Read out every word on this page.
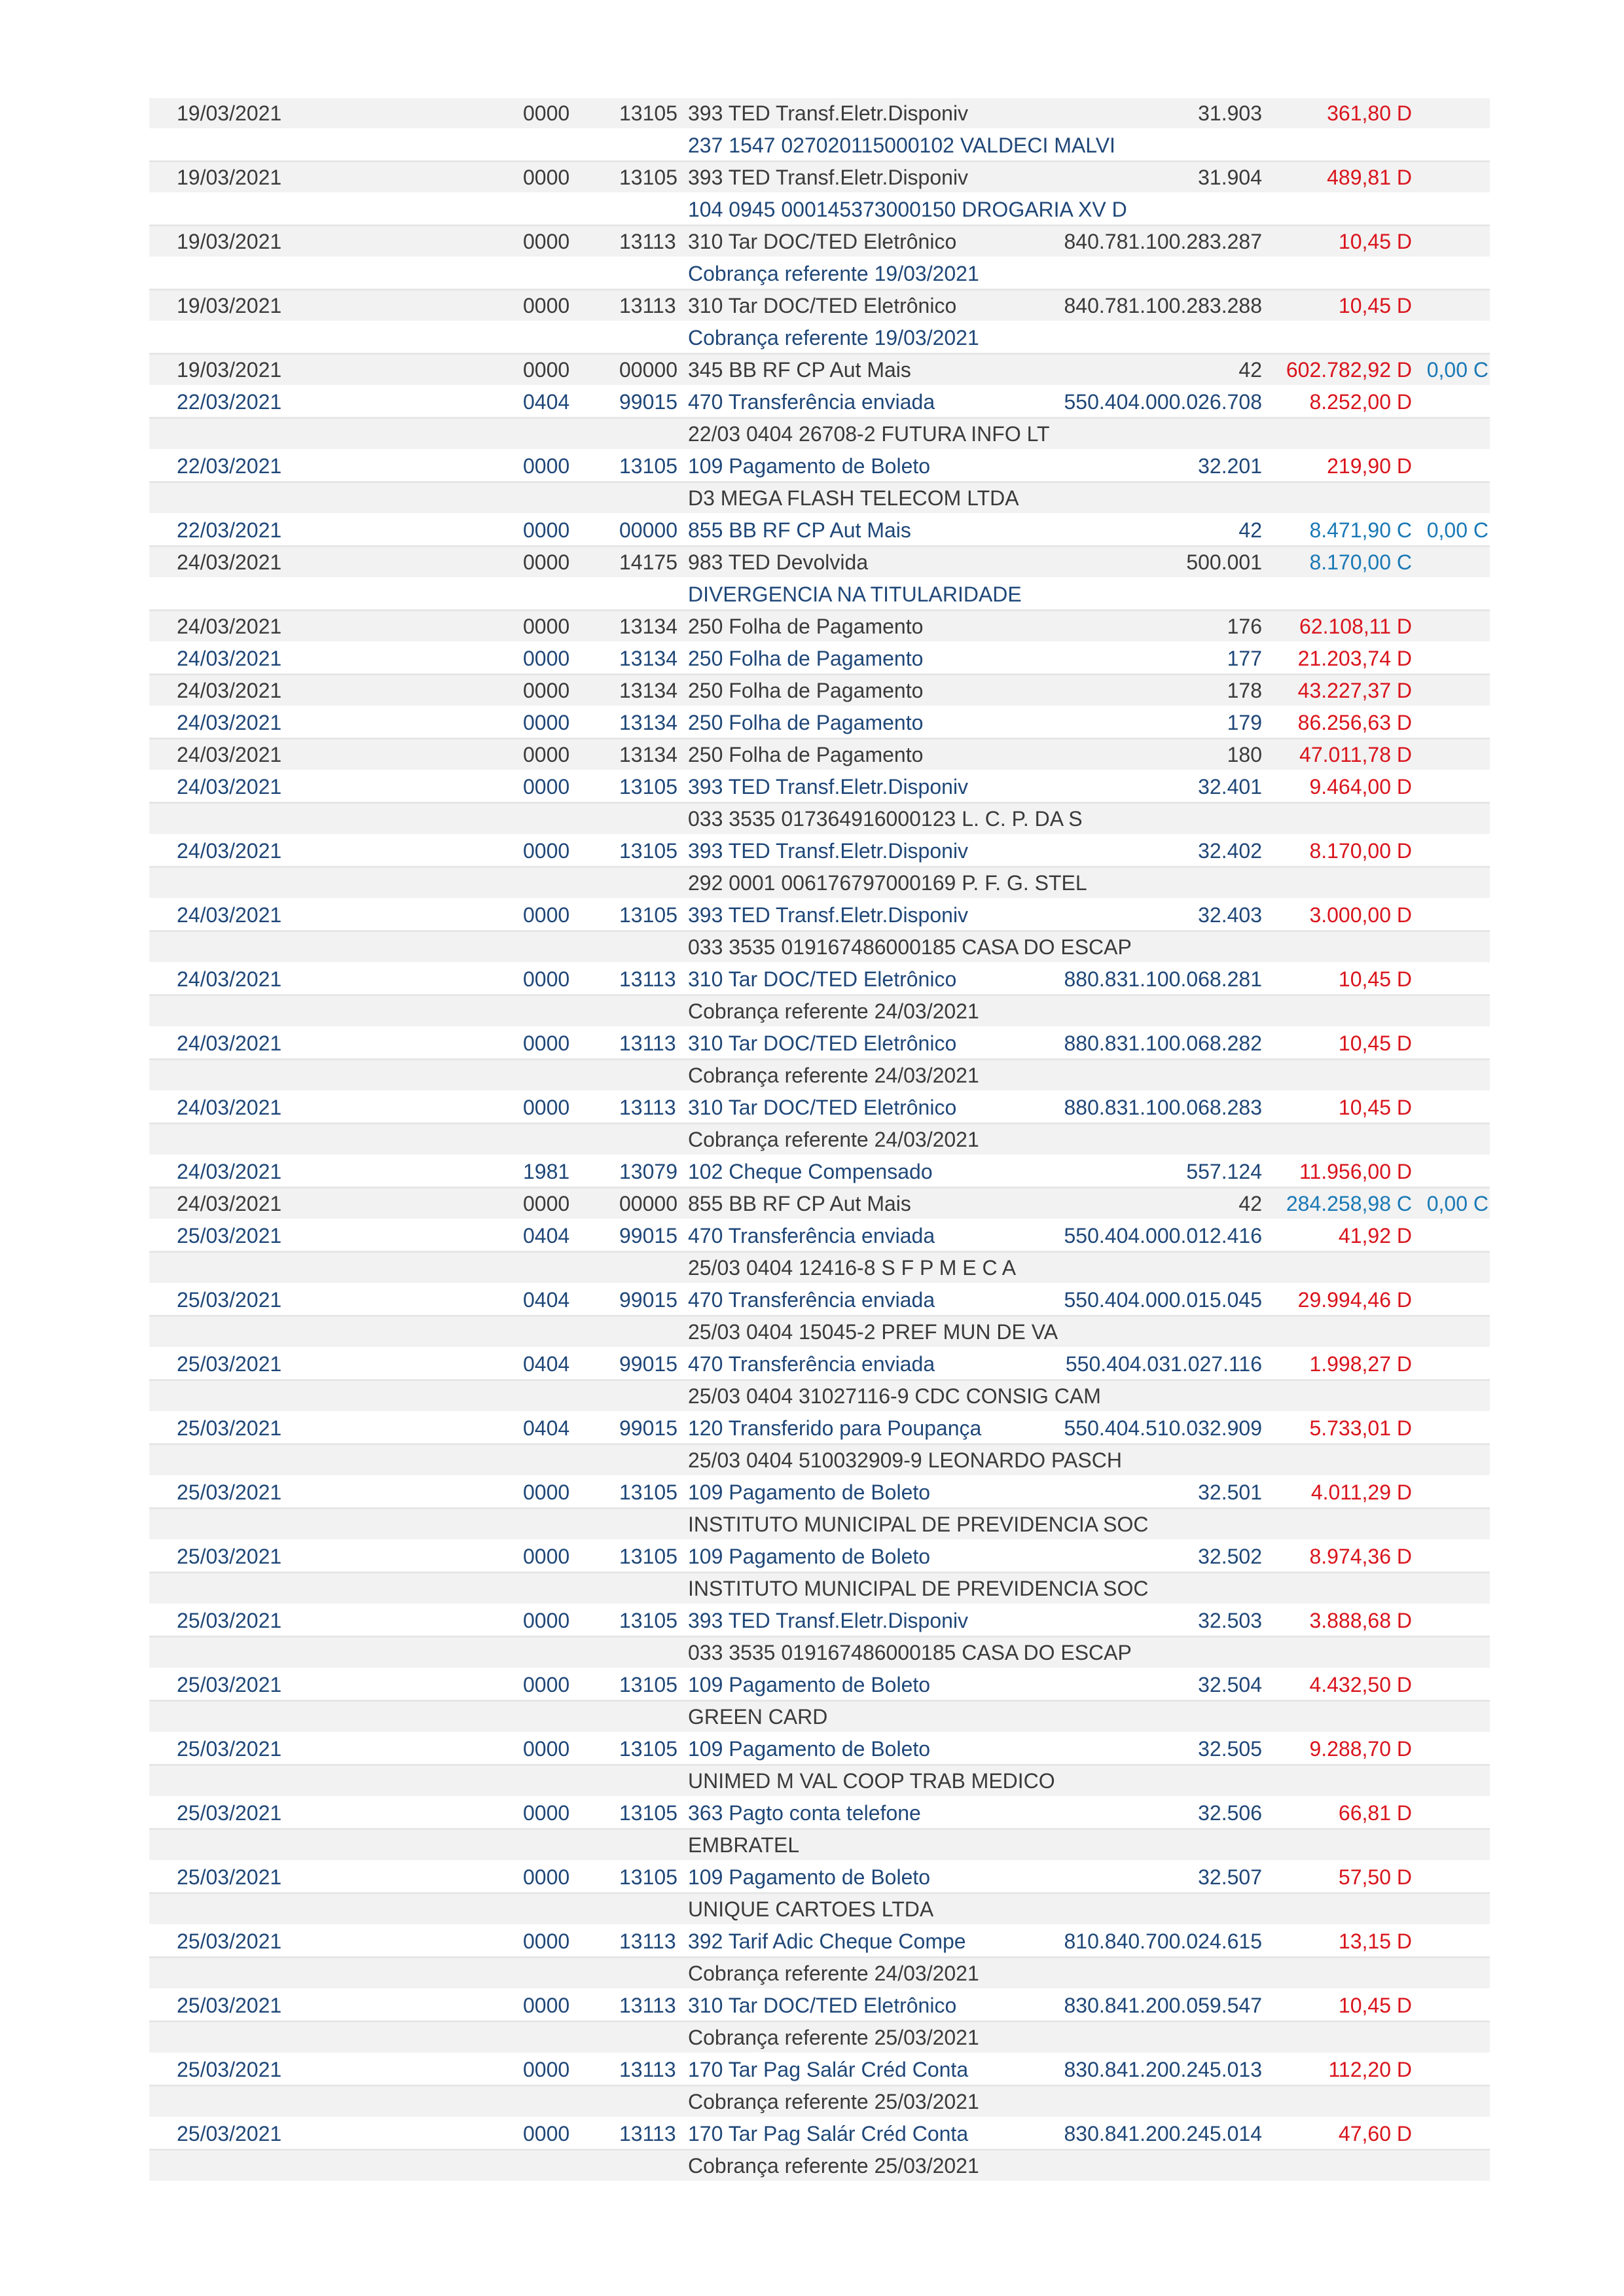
19/03/2021	0000 13105 393 TED Transf.Eletr.Disponiv	31.903	361,80 D
237 1547 027020115000102 VALDECI MALVI
19/03/2021	0000 13105 393 TED Transf.Eletr.Disponiv	31.904	489,81 D
104 0945 000145373000150 DROGARIA XV D
19/03/2021	0000 13113 310 Tar DOC/TED Eletrônico	840.781.100.283.287	10,45 D
Cobrança referente 19/03/2021
19/03/2021	0000 13113 310 Tar DOC/TED Eletrônico	840.781.100.283.288	10,45 D
Cobrança referente 19/03/2021
19/03/2021	0000 00000 345 BB RF CP Aut Mais	42 602.782,92 D 0,00 C
22/03/2021	0404 99015 470 Transferência enviada	550.404.000.026.708 8.252,00 D
22/03 0404 26708-2 FUTURA INFO LT
22/03/2021	0000 13105 109 Pagamento de Boleto	32.201	219,90 D
D3 MEGA FLASH TELECOM LTDA
22/03/2021	0000 00000 855 BB RF CP Aut Mais	42 8.471,90 C 0,00 C
24/03/2021	0000 14175 983 TED Devolvida	500.001 8.170,00 C
DIVERGENCIA NA TITULARIDADE
24/03/2021	0000 13134 250 Folha de Pagamento	176 62.108,11 D
24/03/2021	0000 13134 250 Folha de Pagamento	177 21.203,74 D
24/03/2021	0000 13134 250 Folha de Pagamento	178 43.227,37 D
24/03/2021	0000 13134 250 Folha de Pagamento	179 86.256,63 D
24/03/2021	0000 13134 250 Folha de Pagamento	180 47.011,78 D
24/03/2021	0000 13105 393 TED Transf.Eletr.Disponiv	32.401 9.464,00 D
033 3535 017364916000123 L. C. P. DA S
24/03/2021	0000 13105 393 TED Transf.Eletr.Disponiv	32.402 8.170,00 D
292 0001 006176797000169 P. F. G. STEL
24/03/2021	0000 13105 393 TED Transf.Eletr.Disponiv	32.403 3.000,00 D
033 3535 019167486000185 CASA DO ESCAP
24/03/2021	0000 13113 310 Tar DOC/TED Eletrônico	880.831.100.068.281	10,45 D
Cobrança referente 24/03/2021
24/03/2021	0000 13113 310 Tar DOC/TED Eletrônico	880.831.100.068.282	10,45 D
Cobrança referente 24/03/2021
24/03/2021	0000 13113 310 Tar DOC/TED Eletrônico	880.831.100.068.283	10,45 D
Cobrança referente 24/03/2021
24/03/2021	1981 13079 102 Cheque Compensado	557.124 11.956,00 D
24/03/2021	0000 00000 855 BB RF CP Aut Mais	42 284.258,98 C 0,00 C
25/03/2021	0404 99015 470 Transferência enviada	550.404.000.012.416	41,92 D
25/03 0404 12416-8 S F P M E C A
25/03/2021	0404 99015 470 Transferência enviada	550.404.000.015.045 29.994,46 D
25/03 0404 15045-2 PREF MUN DE VA
25/03/2021	0404 99015 470 Transferência enviada	550.404.031.027.116 1.998,27 D
25/03 0404 31027116-9 CDC CONSIG CAM
25/03/2021	0404 99015 120 Transferido para Poupança	550.404.510.032.909 5.733,01 D
25/03 0404 510032909-9 LEONARDO PASCH
25/03/2021	0000 13105 109 Pagamento de Boleto	32.501 4.011,29 D
INSTITUTO MUNICIPAL DE PREVIDENCIA SOC
25/03/2021	0000 13105 109 Pagamento de Boleto	32.502 8.974,36 D
INSTITUTO MUNICIPAL DE PREVIDENCIA SOC
25/03/2021	0000 13105 393 TED Transf.Eletr.Disponiv	32.503 3.888,68 D
033 3535 019167486000185 CASA DO ESCAP
25/03/2021	0000 13105 109 Pagamento de Boleto	32.504 4.432,50 D
GREEN CARD
25/03/2021	0000 13105 109 Pagamento de Boleto	32.505 9.288,70 D
UNIMED M VAL COOP TRAB MEDICO
25/03/2021	0000 13105 363 Pagto conta telefone	32.506	66,81 D
EMBRATEL
25/03/2021	0000 13105 109 Pagamento de Boleto	32.507	57,50 D
UNIQUE CARTOES LTDA
25/03/2021	0000 13113 392 Tarif Adic Cheque Compe	810.840.700.024.615	13,15 D
Cobrança referente 24/03/2021
25/03/2021	0000 13113 310 Tar DOC/TED Eletrônico	830.841.200.059.547	10,45 D
Cobrança referente 25/03/2021
25/03/2021	0000 13113 170 Tar Pag Salár Créd Conta	830.841.200.245.013	112,20 D
Cobrança referente 25/03/2021
25/03/2021	0000 13113 170 Tar Pag Salár Créd Conta	830.841.200.245.014	47,60 D
Cobrança referente 25/03/2021
